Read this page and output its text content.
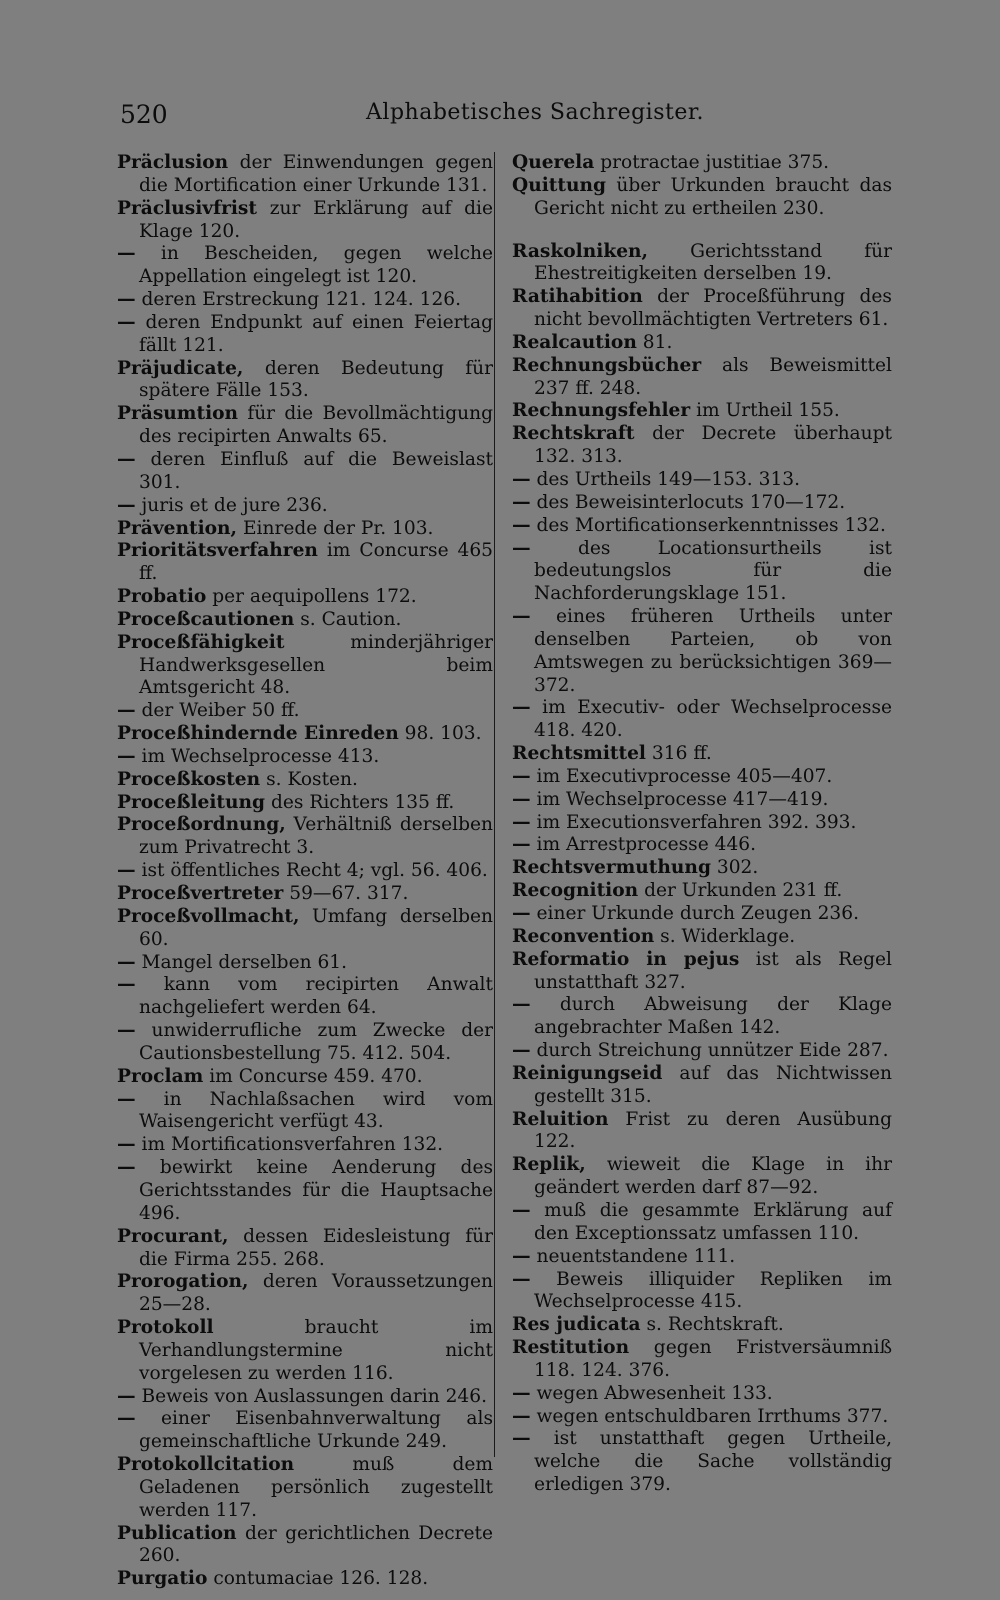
520	Alphabetisches Sachregister.
Präclusion der Einwendungen gegen die Mortification einer Urkunde 131.
Präclusivfrist zur Erklärung auf die Klage 120.
— in Bescheiden, gegen welche Appellation eingelegt ist 120.
— deren Erstreckung 121. 124. 126.
— deren Endpunkt auf einen Feiertag fällt 121.
Präjudicate, deren Bedeutung für spätere Fälle 153.
Präsumtion für die Bevollmächtigung des recipirten Anwalts 65.
— deren Einfluß auf die Beweislast 301.
— juris et de jure 236.
Prävention, Einrede der Pr. 103.
Prioritätsverfahren im Concurse 465 ff.
Probatio per aequipollens 172.
Proceßcautionen s. Caution.
Proceßfähigkeit	minderjähriger Handwerksgesellen beim Amtsgericht 48.
— der Weiber 50 ff.
Proceßhindernde Einreden 98. 103.
— im Wechselprocesse 413.
Proceßkosten s. Kosten.
Proceßleitung des Richters 135 ff.
Proceßordnung, Verhältniß derselben zum Privatrecht 3.
— ist öffentliches Recht 4; vgl. 56. 406.
Proceßvertreter 59—67. 317.
Proceßvollmacht, Umfang derselben 60.
— Mangel derselben 61.
— kann vom recipirten Anwalt nachgeliefert werden 64.
— unwiderrufliche zum Zwecke der Cautionsbestellung 75. 412. 504.
Proclam im Concurse 459. 470.
— in Nachlaßsachen wird vom Waisengericht verfügt 43.
— im Mortificationsverfahren 132.
— bewirkt keine Aenderung des Gerichtsstandes für die Hauptsache 496.
Procurant, dessen Eidesleistung für die Firma 255. 268.
Prorogation, deren Voraussetzungen 25—28.
Protokoll	braucht im Verhandlungstermine nicht vorgelesen zu werden 116.
— Beweis von Auslassungen darin 246.
— einer Eisenbahnverwaltung als gemeinschaftliche Urkunde 249.
Protokollcitation	muß dem Geladenen persönlich zugestellt werden 117.
Publication der gerichtlichen Decrete 260.
Purgatio contumaciae 126. 128.
Querela protractae justitiae 375.
Quittung über Urkunden braucht das Gericht nicht zu ertheilen 230.
Raskolniken, Gerichtsstand für Ehestreitigkeiten derselben 19.
Ratihabition der Proceßführung des nicht bevollmächtigten Vertreters 61.
Realcaution 81.
Rechnungsbücher als Beweismittel 237 ff. 248.
Rechnungsfehler im Urtheil 155.
Rechtskraft der Decrete überhaupt 132. 313.
— des Urtheils 149—153. 313.
— des Beweisinterlocuts 170—172.
— des Mortificationserkenntnisses 132.
—	des Locationsurtheils ist bedeutungslos für die Nachforderungsklage 151.
— eines früheren Urtheils unter denselben Parteien, ob von Amtswegen zu berücksichtigen 369—372.
— im Executiv- oder Wechselprocesse 418. 420.
Rechtsmittel 316 ff.
— im Executivprocesse 405—407.
— im Wechselprocesse 417—419.
— im Executionsverfahren 392. 393.
— im Arrestprocesse 446.
Rechtsvermuthung 302.
Recognition der Urkunden 231 ff.
— einer Urkunde durch Zeugen 236.
Reconvention s. Widerklage.
Reformatio in pejus ist als Regel unstatthaft 327.
— durch Abweisung der Klage angebrachter Maßen 142.
— durch Streichung unnützer Eide 287.
Reinigungseid auf das Nichtwissen gestellt 315.
Reluition Frist zu deren Ausübung 122.
Replik, wieweit die Klage in ihr geändert werden darf 87—92.
— muß die gesammte Erklärung auf den Exceptionssatz umfassen 110.
— neuentstandene 111.
— Beweis illiquider Repliken im Wechselprocesse 415.
Res judicata s. Rechtskraft.
Restitution gegen Fristversäumniß 118. 124. 376.
— wegen Abwesenheit 133.
— wegen entschuldbaren Irrthums 377.
— ist unstatthaft gegen Urtheile, welche die Sache vollständig erledigen 379.
